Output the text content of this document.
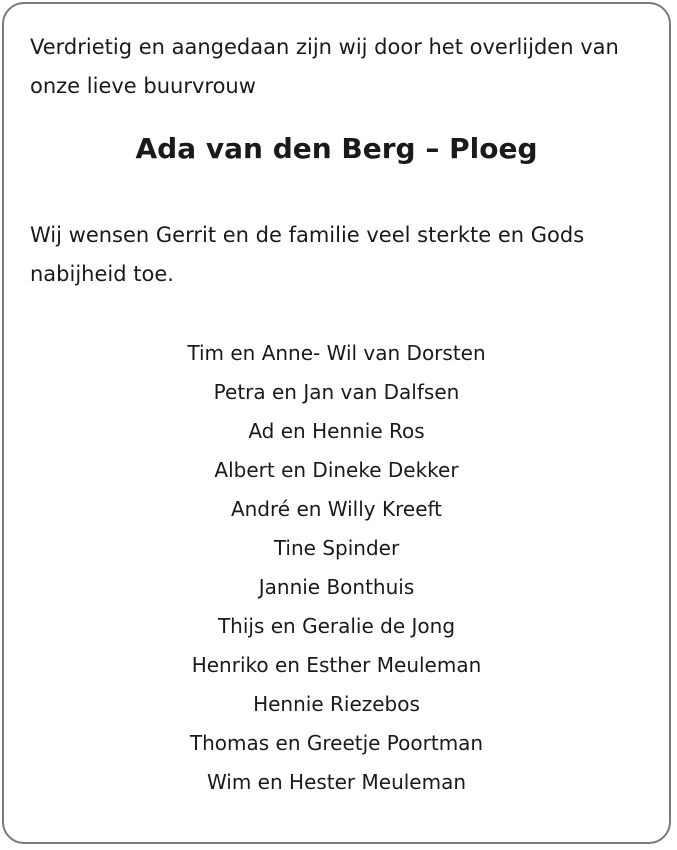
Verdrietig en aangedaan zijn wij door het overlijden van onze lieve buurvrouw

Ada van den Berg – Ploeg

Wij wensen Gerrit en de familie veel sterkte en Gods nabijheid toe.

Tim en Anne- Wil van Dorsten
Petra en Jan van Dalfsen
Ad en Hennie Ros
Albert en Dineke Dekker
André en Willy Kreeft
Tine Spinder
Jannie Bonthuis
Thijs en Geralie de Jong
Henriko en Esther Meuleman
Hennie Riezebos
Thomas en Greetje Poortman
Wim en Hester Meuleman
